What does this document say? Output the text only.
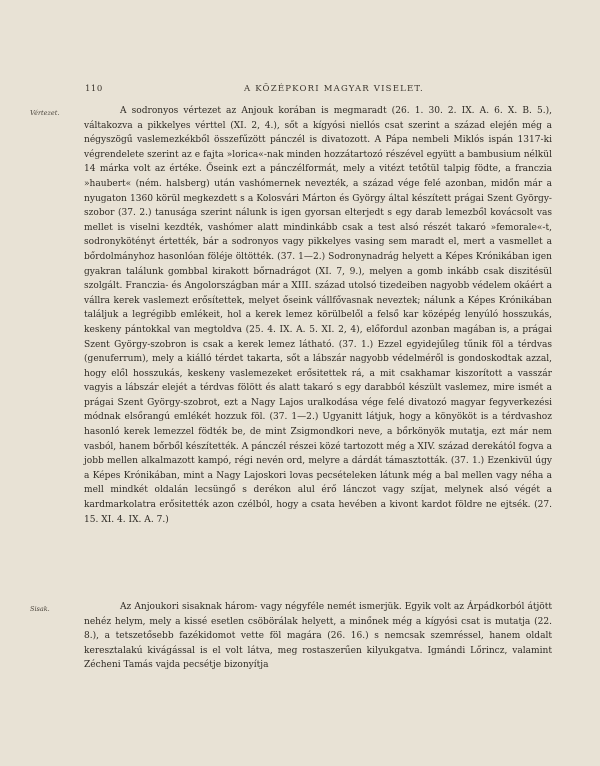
110	A KÖZÉPKORI MAGYAR VISELET.
Vértezet.
Sisak.

A sodronyos vértezet az Anjouk korában is megmaradt (26. 1. 30. 2. IX. A. 6. X. B. 5.), váltakozva a pikkelyes vérttel (XI. 2, 4.), sőt a kígyósi niellós csat szerint a század elején még a négyszögű vaslemezkékből összefűzött pánczél is divatozott. A Pápa nembeli Miklós ispán 1317-ki végrendelete szerint az e fajta »lorica«-nak minden hozzátartozó részével együtt a bambusium nélkül 14 márka volt az értéke. Őseink ezt a pánczélformát, mely a vitézt tetőtül talpig födte, a franczia »haubert« (ném. halsberg) után vashómernek nevezték, a század vége felé azonban, midőn már a nyugaton 1360 körül megkezdett s a Kolosvári Márton és György által készített prágai Szent György-szobor (37. 2.) tanusága szerint nálunk is igen gyorsan elterjedt s egy darab lemezből kovácsolt vas mellet is viselni kezdték, vashómer alatt mindinkább csak a test alsó részét takaró »femorale«-t, sodronykötényt értették, bár a sodronyos vagy pikkelyes vasing sem maradt el, mert a vasmellet a bőrdolmányhoz hasonlóan föléje öltötték. (37. 1—2.) Sodronynadrág helyett a Képes Krónikában igen gyakran találunk gombbal kirakott bőrnadrágot (XI. 7, 9.), melyen a gomb inkább csak diszitésül szolgált. Franczia- és Angolországban már a XIII. század utolsó tizedeiben nagyobb védelem okáért a vállra kerek vaslemezt erősítettek, melyet őseink vállfővasnak neveztek; nálunk a Képes Krónikában találjuk a legrégibb emlékeit, hol a kerek lemez körülbelől a felső kar középég lenyúló hosszukás, keskeny pántokkal van megtoldva (25. 4. IX. A. 5. XI. 2, 4), előfordul azonban magában is, a prágai Szent György-szobron is csak a kerek lemez látható. (37. 1.) Ezzel egyidejűleg tűnik föl a térdvas (genuferrum), mely a kiálló térdet takarta, sőt a lábszár nagyobb védelméről is gondoskodtak azzal, hogy elől hosszukás, keskeny vaslemezeket erősitettek rá, a mit csakhamar kiszorított a vasszár vagyis a lábszár elejét a térdvas fölött és alatt takaró s egy darabból készült vaslemez, mire ismét a prágai Szent György-szobrot, ezt a Nagy Lajos uralkodása vége felé divatozó magyar fegyverkezési módnak elsőrangú emlékét hozzuk föl. (37. 1—2.) Ugyanitt látjuk, hogy a könyököt is a térdvashoz hasonló kerek lemezzel födték be, de mint Zsigmondkori neve, a bőrkönyök mutatja, ezt már nem vasból, hanem bőrből készítették. A pánczél részei közé tartozott még a XIV. század derekától fogva a jobb mellen alkalmazott kampó, régi nevén ord, melyre a dárdát támasztották. (37. 1.) Ezenkivül úgy a Képes Krónikában, mint a Nagy Lajoskori lovas pecsételeken látunk még a bal mellen vagy néha a mell mindkét oldalán lecsüngő s derékon alul érő lánczot vagy szíjat, melynek alsó végét a kardmarkolatra erősitették azon czélból, hogy a csata hevében a kivont kardot földre ne ejtsék. (27. 15. XI. 4. IX. A. 7.)

Az Anjoukori sisaknak három- vagy négyféle nemét ismerjük. Egyik volt az Árpádkorból átjött nehéz helym, mely a kissé esetlen csöbörálak helyett, a minőnek még a kígyósi csat is mutatja (22. 8.), a tetszetősebb fazékidomot vette föl magára (26. 16.) s nemcsak szemréssel, hanem oldalt keresztalakú kivágással is el volt látva, meg rostaszerűen kilyukgatva. Igmándi Lőrincz, valamint Zécheni Tamás vajda pecsétje bizonyítja
